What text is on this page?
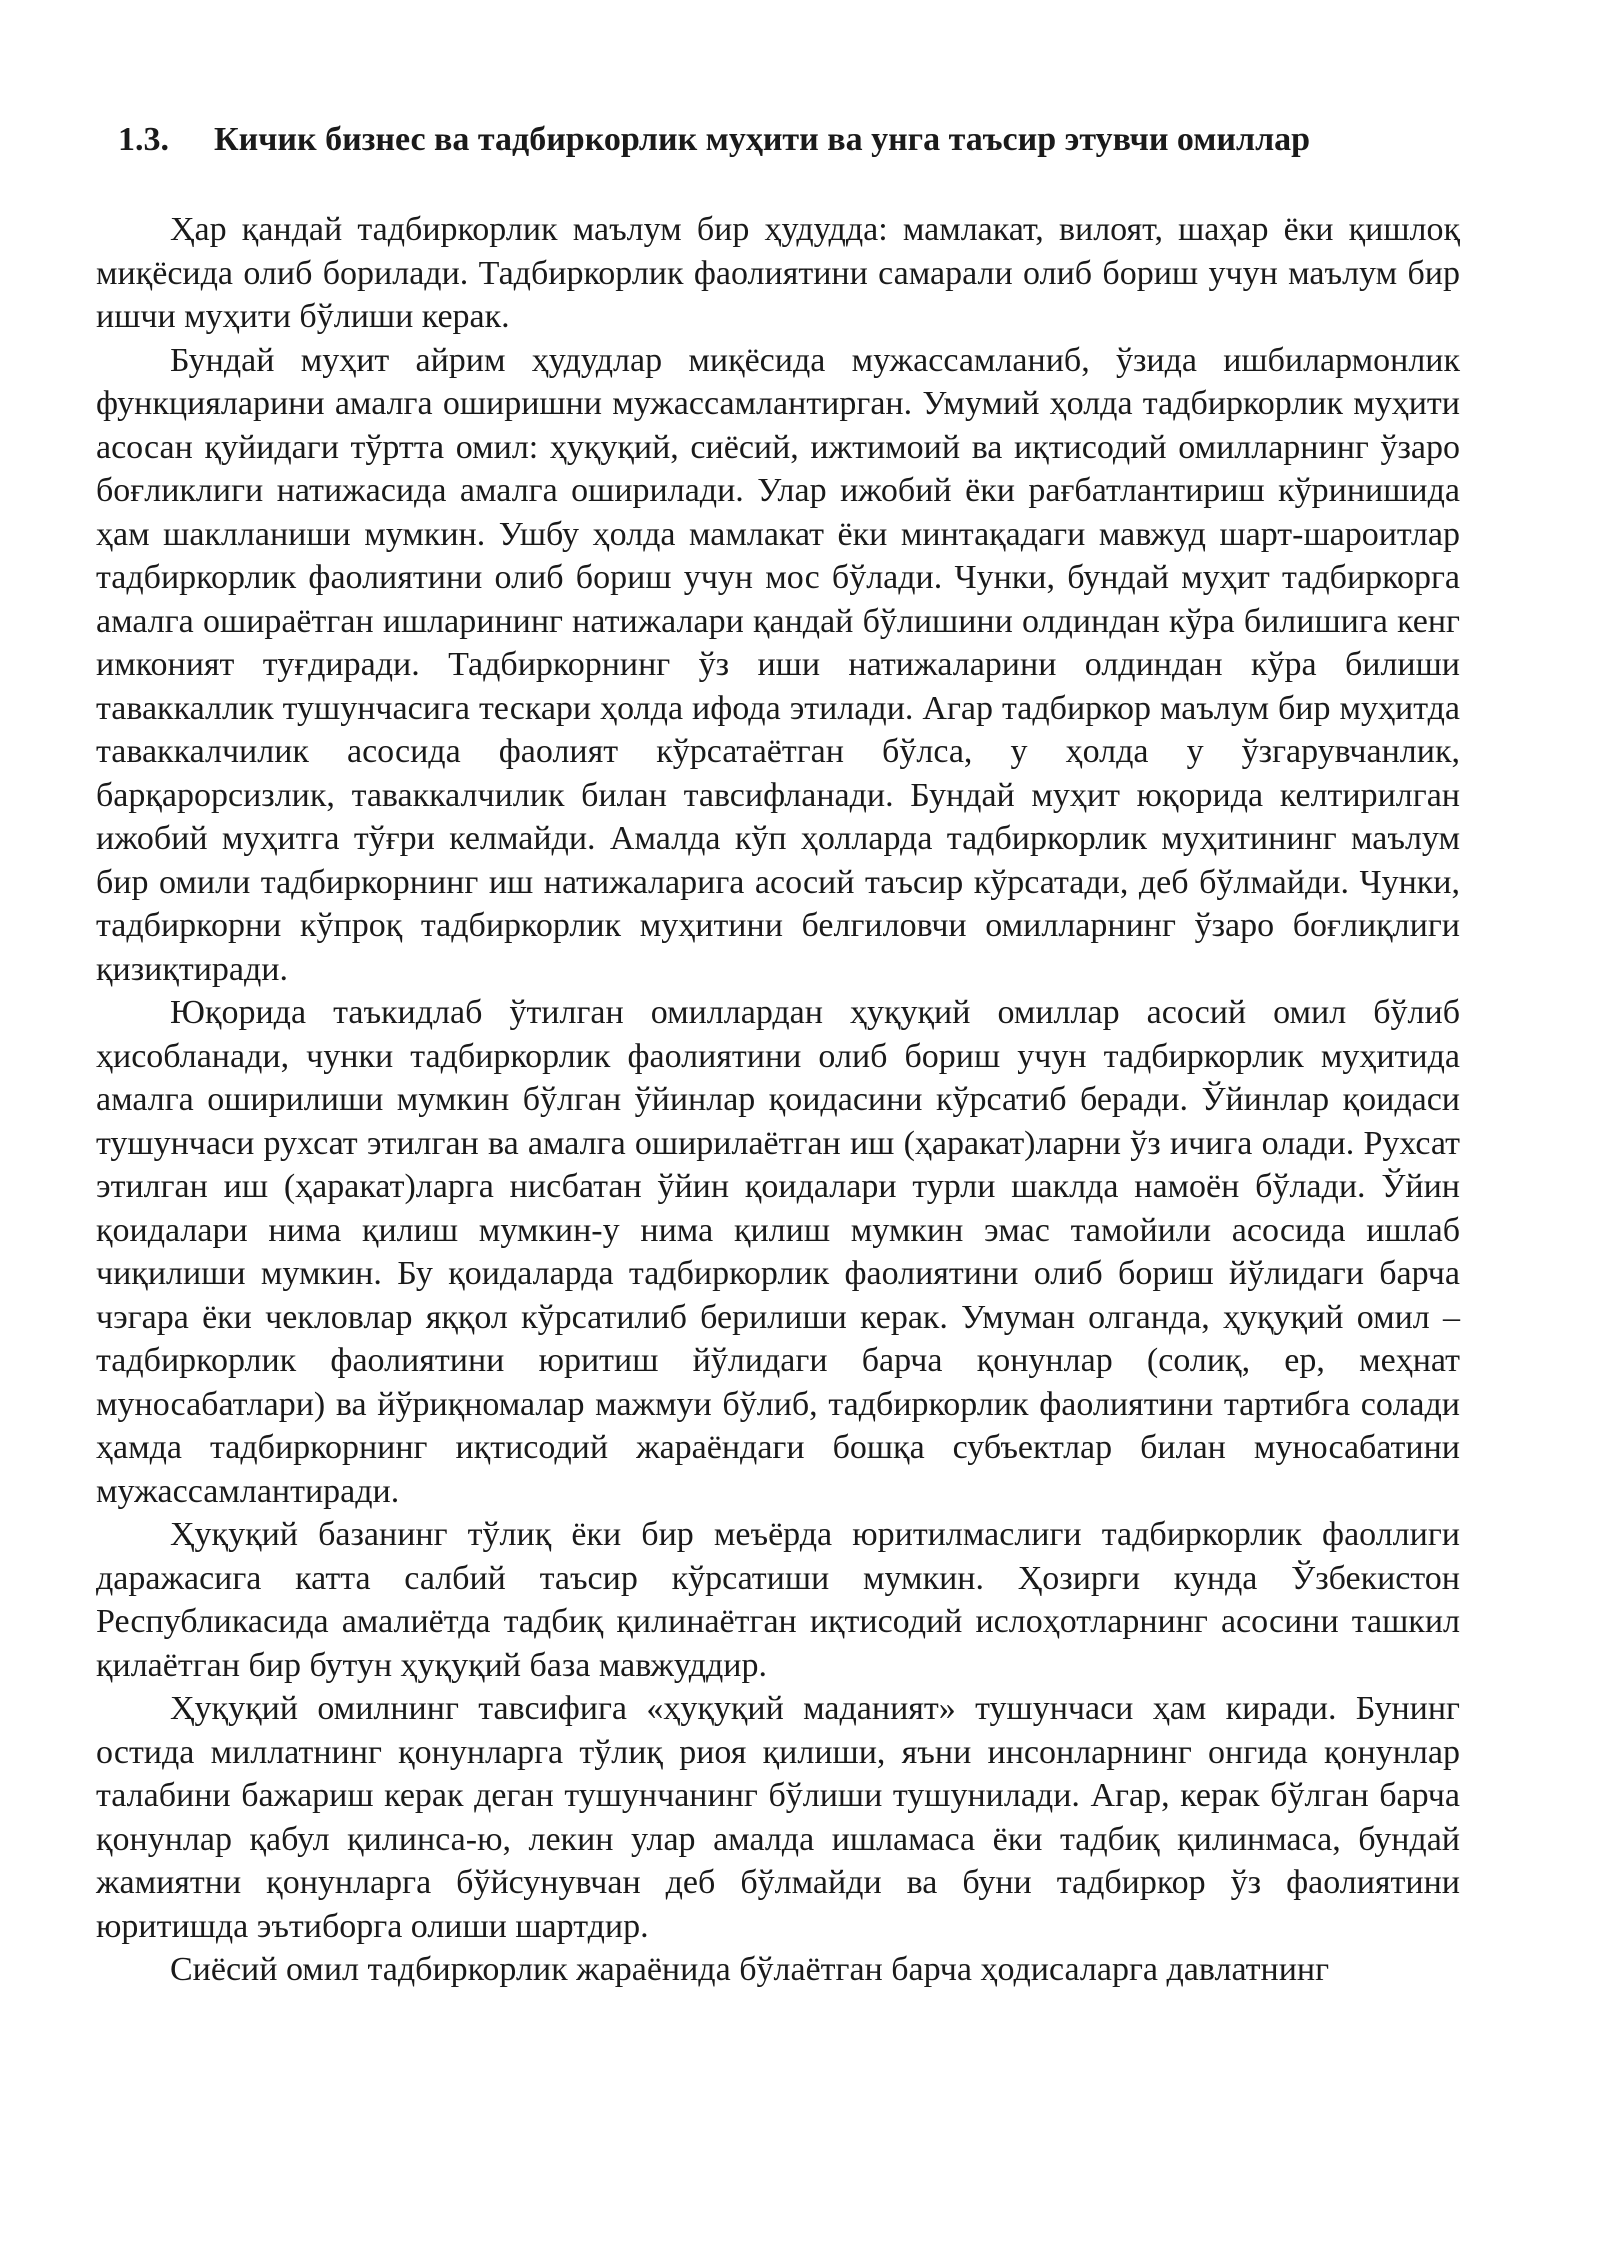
1.3. Кичик бизнес ва тадбиркорлик муҳити ва унга таъсир этувчи омиллар

Ҳар қандай тадбиркорлик маълум бир ҳудудда: мамлакат, вилоят, шаҳар ёки қишлоқ миқёсида олиб борилади. Тадбиркорлик фаолиятини самарали олиб бориш учун маълум бир ишчи муҳити бўлиши керак.

Бундай муҳит айрим ҳудудлар миқёсида мужассамланиб, ўзида ишбилармонлик функцияларини амалга оширишни мужассамлантирган. Умумий ҳолда тадбиркорлик муҳити асосан қуйидаги тўртта омил: ҳуқуқий, сиёсий, ижтимоий ва иқтисодий омилларнинг ўзаро боғликлиги натижасида амалга оширилади. Улар ижобий ёки рағбатлантириш кўринишида ҳам шаклланиши мумкин. Ушбу ҳолда мамлакат ёки минтақадаги мавжуд шарт-шароитлар тадбиркорлик фаолиятини олиб бориш учун мос бўлади. Чунки, бундай муҳит тадбиркорга амалга ошираётган ишларининг натижалари қандай бўлишини олдиндан кўра билишига кенг имконият туғдиради. Тадбиркорнинг ўз иши натижаларини олдиндан кўра билиши таваккаллик тушунчасига тескари ҳолда ифода этилади. Агар тадбиркор маълум бир муҳитда таваккалчилик асосида фаолият кўрсатаётган бўлса, у ҳолда у ўзгарувчанлик, барқарорсизлик, таваккалчилик билан тавсифланади. Бундай муҳит юқорида келтирилган ижобий муҳитга тўғри келмайди. Амалда кўп ҳолларда тадбиркорлик муҳитининг маълум бир омили тадбиркорнинг иш натижаларига асосий таъсир кўрсатади, деб бўлмайди. Чунки, тадбиркорни кўпроқ тадбиркорлик муҳитини белгиловчи омилларнинг ўзаро боғлиқлиги қизиқтиради.

Юқорида таъкидлаб ўтилган омиллардан ҳуқуқий омиллар асосий омил бўлиб ҳисобланади, чунки тадбиркорлик фаолиятини олиб бориш учун тадбиркорлик муҳитида амалга оширилиши мумкин бўлган ўйинлар қоидасини кўрсатиб беради. Ўйинлар қоидаси тушунчаси рухсат этилган ва амалга оширилаётган иш (ҳаракат)ларни ўз ичига олади. Рухсат этилган иш (ҳаракат)ларга нисбатан ўйин қоидалари турли шаклда намоён бўлади. Ўйин қоидалари нима қилиш мумкин-у нима қилиш мумкин эмас тамойили асосида ишлаб чиқилиши мумкин. Бу қоидаларда тадбиркорлик фаолиятини олиб бориш йўлидаги барча чэгара ёки чекловлар яққол кўрсатилиб берилиши керак. Умуман олганда, ҳуқуқий омил – тадбиркорлик фаолиятини юритиш йўлидаги барча қонунлар (солиқ, ер, меҳнат муносабатлари) ва йўриқномалар мажмуи бўлиб, тадбиркорлик фаолиятини тартибга солади ҳамда тадбиркорнинг иқтисодий жараёндаги бошқа субъектлар билан муносабатини мужассамлантиради.

Ҳуқуқий базанинг тўлиқ ёки бир меъёрда юритилмаслиги тадбиркорлик фаоллиги даражасига катта салбий таъсир кўрсатиши мумкин. Ҳозирги кунда Ўзбекистон Республикасида амалиётда тадбиқ қилинаётган иқтисодий ислоҳотларнинг асосини ташкил қилаётган бир бутун ҳуқуқий база мавжуддир.

Ҳуқуқий омилнинг тавсифига «ҳуқуқий маданият» тушунчаси ҳам киради. Бунинг остида миллатнинг қонунларга тўлиқ риоя қилиши, яъни инсонларнинг онгида қонунлар талабини бажариш керак деган тушунчанинг бўлиши тушунилади. Агар, керак бўлган барча қонунлар қабул қилинса-ю, лекин улар амалда ишламаса ёки тадбиқ қилинмаса, бундай жамиятни қонунларга бўйсунувчан деб бўлмайди ва буни тадбиркор ўз фаолиятини юритишда эътиборга олиши шартдир.

Сиёсий омил тадбиркорлик жараёнида бўлаётган барча ҳодисаларга давлатнинг
